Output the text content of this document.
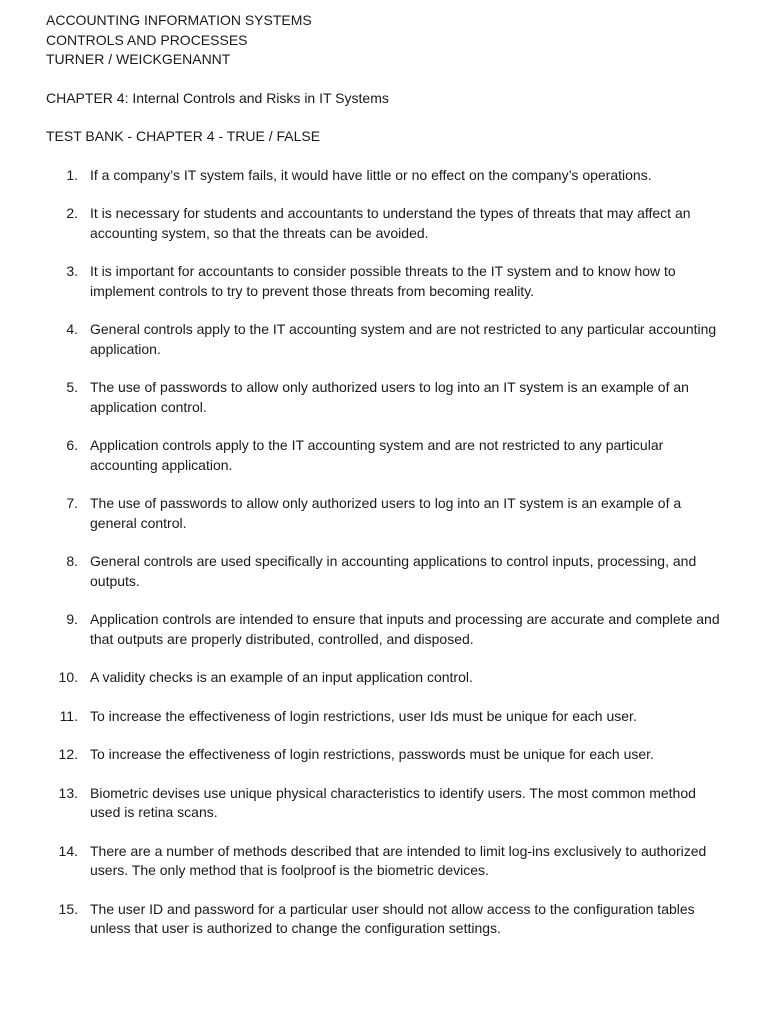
ACCOUNTING INFORMATION SYSTEMS

CONTROLS AND PROCESSES

TURNER / WEICKGENANNT

CHAPTER 4: Internal Controls and Risks in IT Systems

TEST BANK - CHAPTER 4 - TRUE / FALSE

1. If a company’s IT system fails, it would have little or no effect on the company’s operations.
2. It is necessary for students and accountants to understand the types of threats that may affect an accounting system, so that the threats can be avoided.
3. It is important for accountants to consider possible threats to the IT system and to know how to implement controls to try to prevent those threats from becoming reality.
4. General controls apply to the IT accounting system and are not restricted to any particular accounting application.
5. The use of passwords to allow only authorized users to log into an IT system is an example of an application control.
6. Application controls apply to the IT accounting system and are not restricted to any particular accounting application.
7. The use of passwords to allow only authorized users to log into an IT system is an example of a general control.
8. General controls are used specifically in accounting applications to control inputs, processing, and outputs.
9. Application controls are intended to ensure that inputs and processing are accurate and complete and that outputs are properly distributed, controlled, and disposed.
10. A validity checks is an example of an input application control.
11. To increase the effectiveness of login restrictions, user Ids must be unique for each user.
12. To increase the effectiveness of login restrictions, passwords must be unique for each user.
13. Biometric devises use unique physical characteristics to identify users. The most common method used is retina scans.
14. There are a number of methods described that are intended to limit log-ins exclusively to authorized users. The only method that is foolproof is the biometric devices.
15. The user ID and password for a particular user should not allow access to the configuration tables unless that user is authorized to change the configuration settings.
